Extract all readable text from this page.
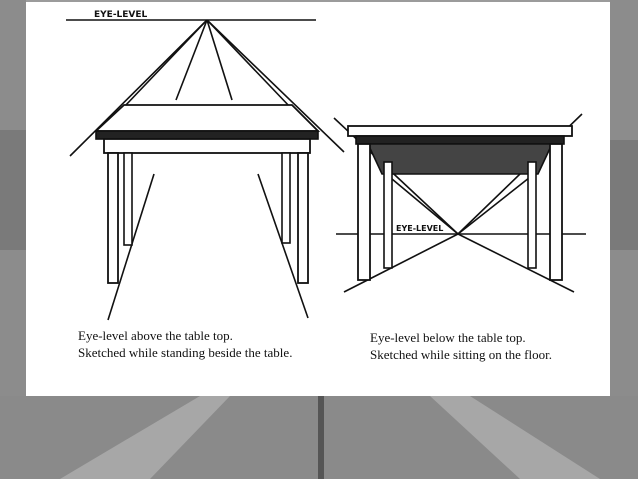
EYE-LEVEL
EYE-LEVEL

Eye-level above the table top.

Sketched while standing beside the table.

Eye-level below the table top.

Sketched while sitting on the floor.
